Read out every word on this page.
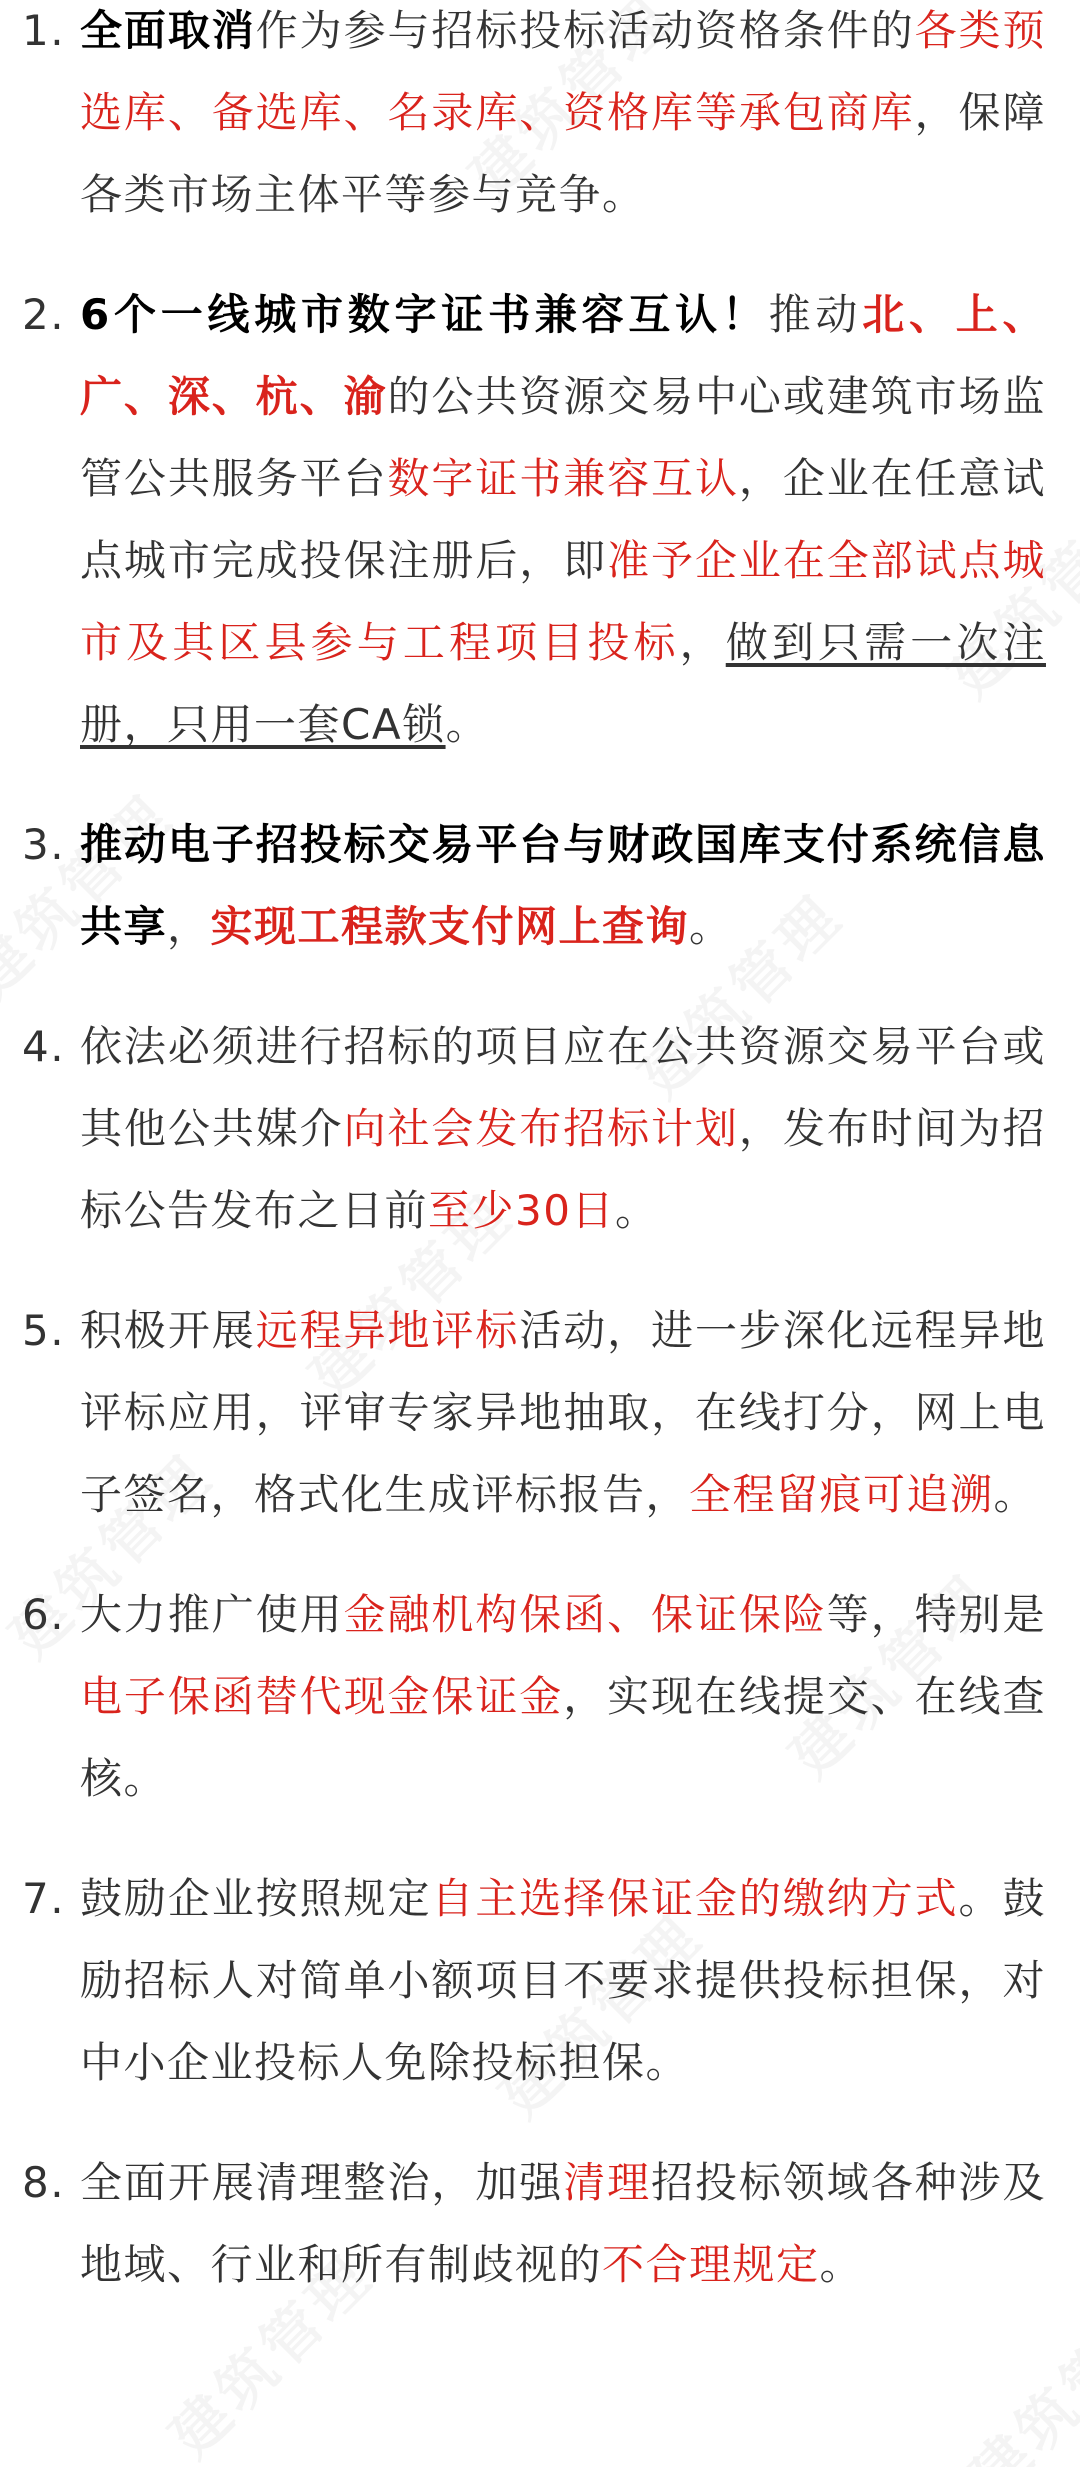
1. 全面取消作为参与招标投标活动资格条件的各类预选库、备选库、名录库、资格库等承包商库，保障各类市场主体平等参与竞争。
2. 6个一线城市数字证书兼容互认！推动北、上、广、深、杭、渝的公共资源交易中心或建筑市场监管公共服务平台数字证书兼容互认，企业在任意试点城市完成投保注册后，即准予企业在全部试点城市及其区县参与工程项目投标，做到只需一次注册，只用一套CA锁。
3. 推动电子招投标交易平台与财政国库支付系统信息共享，实现工程款支付网上查询。
4. 依法必须进行招标的项目应在公共资源交易平台或其他公共媒介向社会发布招标计划，发布时间为招标公告发布之日前至少30日。
5. 积极开展远程异地评标活动，进一步深化远程异地评标应用，评审专家异地抽取，在线打分，网上电子签名，格式化生成评标报告，全程留痕可追溯。
6. 大力推广使用金融机构保函、保证保险等，特别是电子保函替代现金保证金，实现在线提交、在线查核。
7. 鼓励企业按照规定自主选择保证金的缴纳方式。鼓励招标人对简单小额项目不要求提供投标担保，对中小企业投标人免除投标担保。
8. 全面开展清理整治，加强清理招投标领域各种涉及地域、行业和所有制歧视的不合理规定。
